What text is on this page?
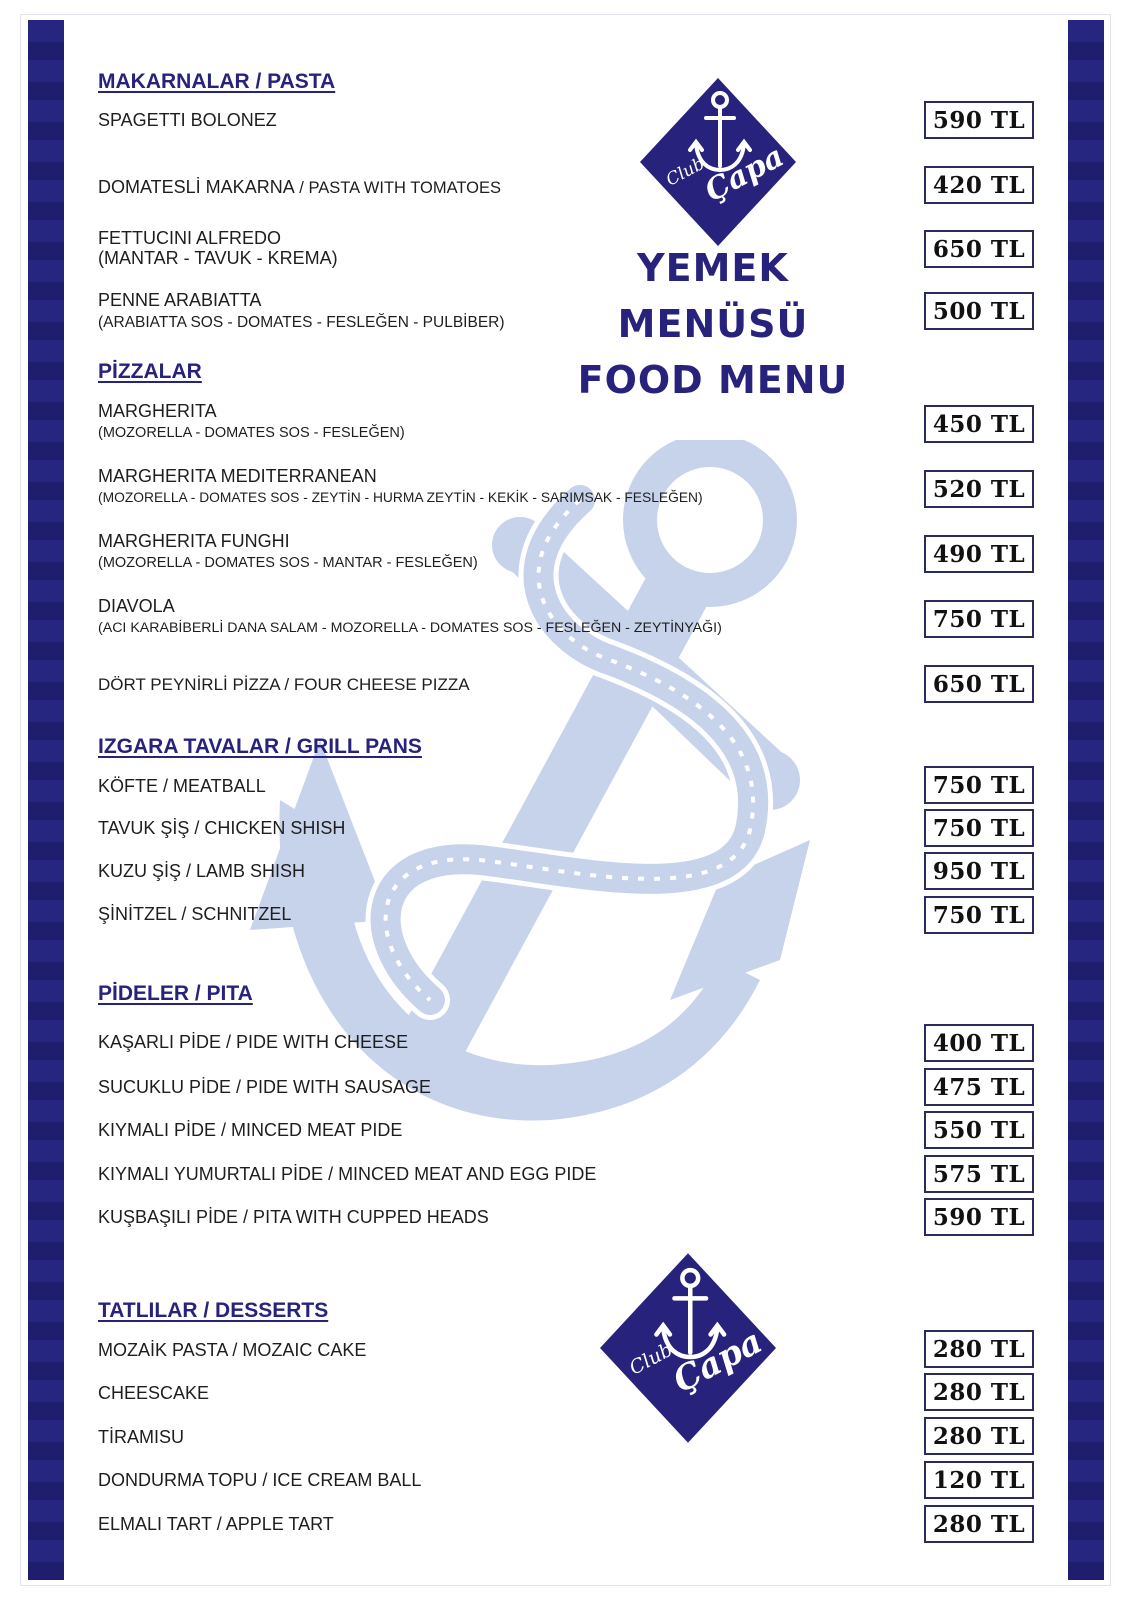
Club
Çapa
Club
Çapa
YEMEK MENÜSÜ
FOOD MENU
MAKARNALAR / PASTA
SPAGETTI BOLONEZ	590 TL
DOMATESLİ MAKARNA / PASTA WITH TOMATOES	420 TL
FETTUCINI ALFREDO
(MANTAR - TAVUK - KREMA)	650 TL
PENNE ARABIATTA
(ARABIATTA SOS - DOMATES - FESLEĞEN - PULBİBER)	500 TL
PİZZALAR
MARGHERITA
(MOZORELLA - DOMATES SOS - FESLEĞEN)	450 TL
MARGHERITA MEDITERRANEAN
(MOZORELLA - DOMATES SOS - ZEYTİN - HURMA ZEYTİN - KEKİK - SARIMSAK - FESLEĞEN)	520 TL
MARGHERITA FUNGHI
(MOZORELLA - DOMATES SOS - MANTAR - FESLEĞEN)	490 TL
DIAVOLA
(ACI KARABİBERLİ DANA SALAM - MOZORELLA - DOMATES SOS - FESLEĞEN - ZEYTİNYAĞI)	750 TL
DÖRT PEYNİRLİ PİZZA / FOUR CHEESE PIZZA	650 TL
IZGARA TAVALAR / GRILL PANS
KÖFTE / MEATBALL	750 TL
TAVUK ŞİŞ / CHICKEN SHISH	750 TL
KUZU ŞİŞ / LAMB SHISH	950 TL
ŞİNİTZEL / SCHNITZEL	750 TL
PİDELER / PITA
KAŞARLI PİDE / PIDE WITH CHEESE	400 TL
SUCUKLU PİDE / PIDE WITH SAUSAGE	475 TL
KIYMALI PİDE / MINCED MEAT PIDE	550 TL
KIYMALI YUMURTALI PİDE / MINCED MEAT AND EGG PIDE	575 TL
KUŞBAŞILI PİDE / PITA WITH CUPPED HEADS	590 TL
TATLILAR / DESSERTS
MOZAİK PASTA / MOZAIC CAKE	280 TL
CHEESCAKE	280 TL
TİRAMISU	280 TL
DONDURMA TOPU / ICE CREAM BALL	120 TL
ELMALI TART / APPLE TART	280 TL
